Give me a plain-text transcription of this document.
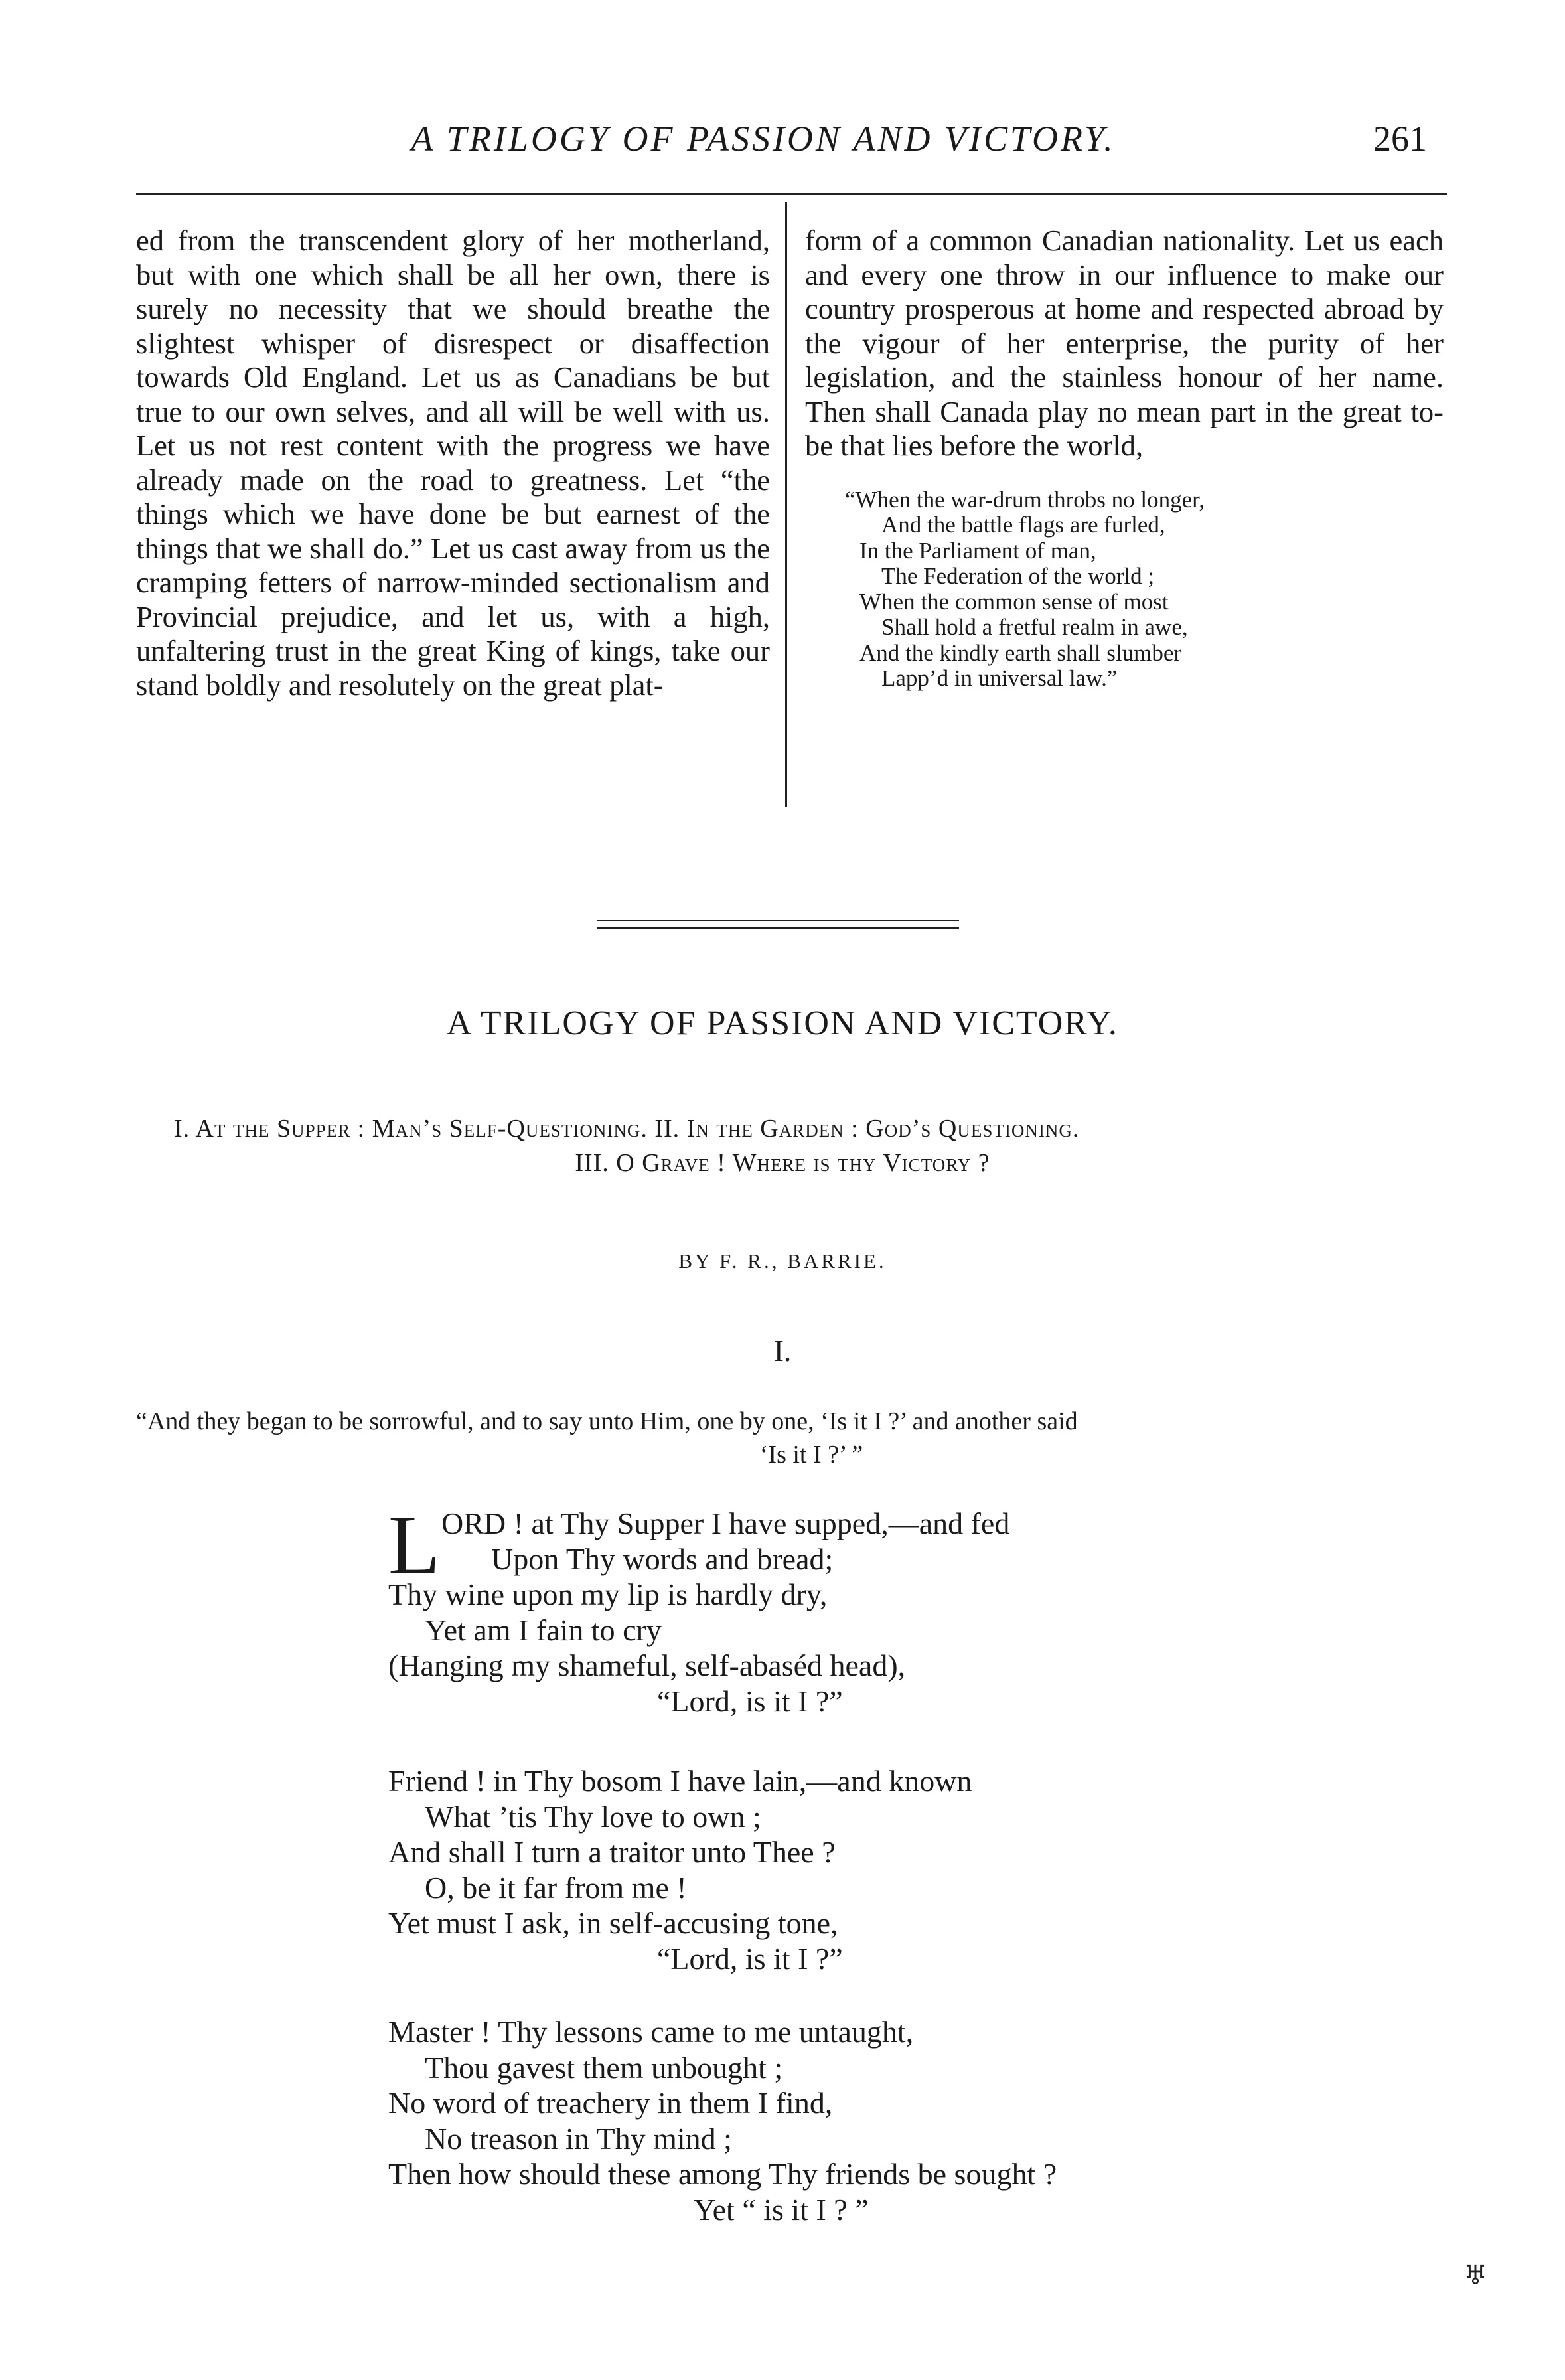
A TRILOGY OF PASSION AND VICTORY.	261

ed from the transcendent glory of her motherland, but with one which shall be all her own, there is surely no necessity that we should breathe the slightest whisper of disrespect or disaffection towards Old England. Let us as Canadians be but true to our own selves, and all will be well with us. Let us not rest content with the progress we have already made on the road to greatness. Let “the things which we have done be but earnest of the things that we shall do.” Let us cast away from us the cramping fetters of narrow-minded sectionalism and Provincial prejudice, and let us, with a high, unfaltering trust in the great King of kings, take our stand boldly and resolutely on the great plat-

form of a common Canadian nationality. Let us each and every one throw in our influence to make our country prosperous at home and respected abroad by the vigour of her enterprise, the purity of her legislation, and the stainless honour of her name. Then shall Canada play no mean part in the great to-be that lies before the world,

“When the war-drum throbs no longer,
And the battle flags are furled,
In the Parliament of man,
The Federation of the world ;
When the common sense of most
Shall hold a fretful realm in awe,
And the kindly earth shall slumber
Lapp’d in universal law.”
A TRILOGY OF PASSION AND VICTORY.
I. At the Supper : Man’s Self-Questioning. II. In the Garden : God’s Questioning.
III. O Grave ! Where is thy Victory ?
BY F. R., BARRIE.
I.
“And they began to be sorrowful, and to say unto Him, one by one, ‘Is it I ?’ and another said
‘Is it I ?’ ”
L ORD ! at Thy Supper I have supped,—and fed
Upon Thy words and bread;
Thy wine upon my lip is hardly dry,
Yet am I fain to cry
(Hanging my shameful, self-abaséd head),
“Lord, is it I ?”
Friend ! in Thy bosom I have lain,—and known
What ’tis Thy love to own ;
And shall I turn a traitor unto Thee ?
O, be it far from me !
Yet must I ask, in self-accusing tone,
“Lord, is it I ?”
Master ! Thy lessons came to me untaught,
Thou gavest them unbought ;
No word of treachery in them I find,
No treason in Thy mind ;
Then how should these among Thy friends be sought ?
Yet “ is it I ? ”
♅
